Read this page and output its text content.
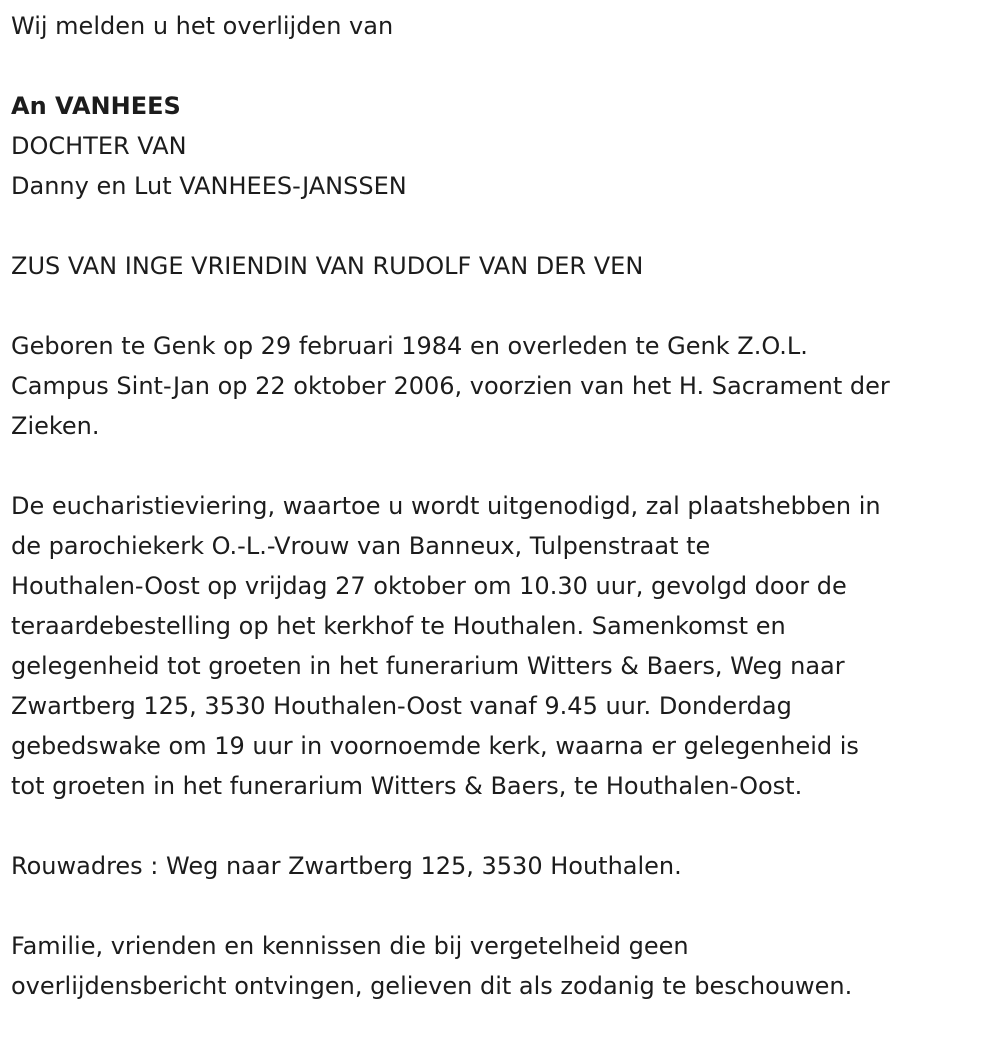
Wij melden u het overlijden van

An VANHEES

DOCHTER VAN

Danny en Lut VANHEES-JANSSEN

ZUS VAN INGE VRIENDIN VAN RUDOLF VAN DER VEN

Geboren te Genk op 29 februari 1984 en overleden te Genk Z.O.L.

Campus Sint-Jan op 22 oktober 2006, voorzien van het H. Sacrament der

Zieken.

De eucharistieviering, waartoe u wordt uitgenodigd, zal plaatshebben in

de parochiekerk O.-L.-Vrouw van Banneux, Tulpenstraat te

Houthalen-Oost op vrijdag 27 oktober om 10.30 uur, gevolgd door de

teraardebestelling op het kerkhof te Houthalen. Samenkomst en

gelegenheid tot groeten in het funerarium Witters & Baers, Weg naar

Zwartberg 125, 3530 Houthalen-Oost vanaf 9.45 uur. Donderdag

gebedswake om 19 uur in voornoemde kerk, waarna er gelegenheid is

tot groeten in het funerarium Witters & Baers, te Houthalen-Oost.

Rouwadres : Weg naar Zwartberg 125, 3530 Houthalen.

Familie, vrienden en kennissen die bij vergetelheid geen

overlijdensbericht ontvingen, gelieven dit als zodanig te beschouwen.
